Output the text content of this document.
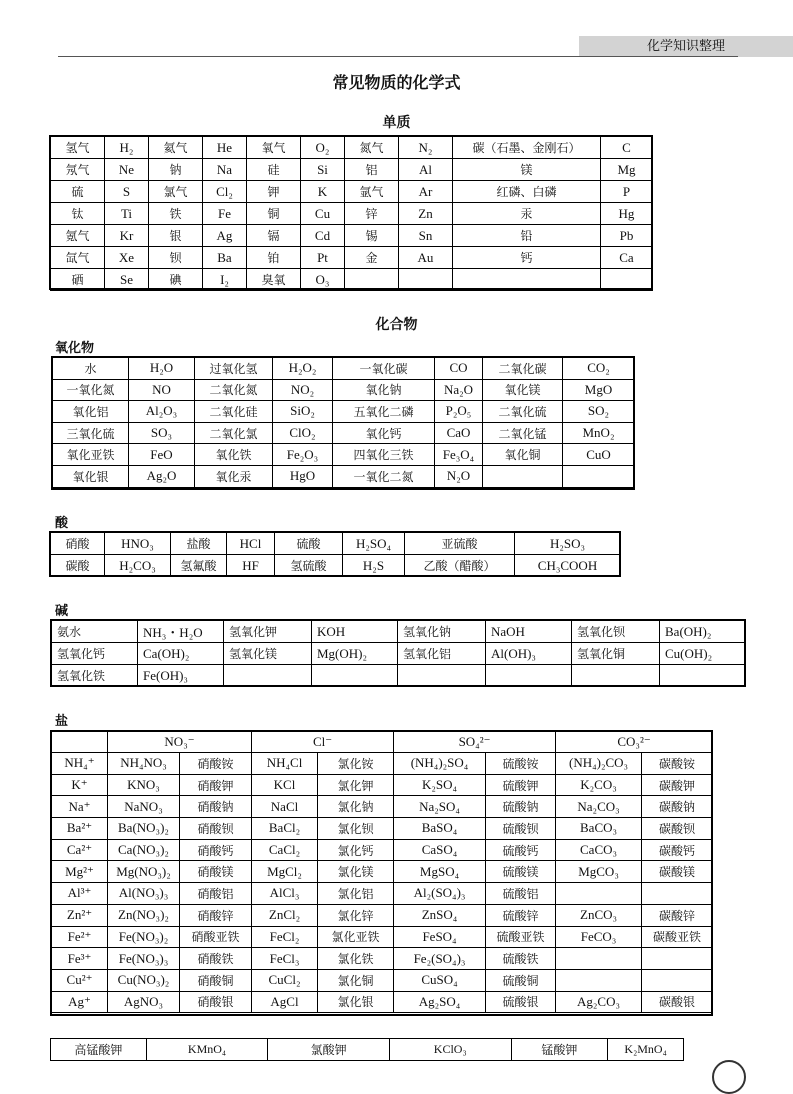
化学知识整理
常见物质的化学式
单质
氢气	H₂	氦气	He	氧气	O₂	氮气	N₂	碳（石墨、金刚石）	C
氖气	Ne	钠	Na	硅	Si	铝	Al	镁	Mg
硫	S	氯气	Cl₂	钾	K	氩气	Ar	红磷、白磷	P
钛	Ti	铁	Fe	铜	Cu	锌	Zn	汞	Hg
氪气	Kr	银	Ag	镉	Cd	锡	Sn	铅	Pb
氙气	Xe	钡	Ba	铂	Pt	金	Au	钙	Ca
硒	Se	碘	I₂	臭氧	O₃				
化合物
氧化物
水	H₂O	过氧化氢	H₂O₂	一氧化碳	CO	二氧化碳	CO₂
一氧化氮	NO	二氧化氮	NO₂	氧化钠	Na₂O	氧化镁	MgO
氧化铝	Al₂O₃	二氧化硅	SiO₂	五氧化二磷	P₂O₅	二氧化硫	SO₂
三氧化硫	SO₃	二氧化氯	ClO₂	氧化钙	CaO	二氧化锰	MnO₂
氧化亚铁	FeO	氧化铁	Fe₂O₃	四氧化三铁	Fe₃O₄	氧化铜	CuO
氧化银	Ag₂O	氧化汞	HgO	一氧化二氮	N₂O		
酸
硝酸	HNO₃	盐酸	HCl	硫酸	H₂SO₄	亚硫酸	H₂SO₃
碳酸	H₂CO₃	氢氟酸	HF	氢硫酸	H₂S	乙酸（醋酸）	CH₃COOH
碱
氨水	NH₃・H₂O	氢氧化钾	KOH	氢氧化钠	NaOH	氢氧化钡	Ba(OH)₂
氢氧化钙	Ca(OH)₂	氢氧化镁	Mg(OH)₂	氢氧化铝	Al(OH)₃	氢氧化铜	Cu(OH)₂
氢氧化铁	Fe(OH)₃						
盐
	NO₃⁻		Cl⁻		SO₄²⁻		CO₃²⁻	
NH₄⁺	NH₄NO₃	硝酸铵	NH₄Cl	氯化铵	(NH₄)₂SO₄	硫酸铵	(NH₄)₂CO₃	碳酸铵
K⁺	KNO₃	硝酸钾	KCl	氯化钾	K₂SO₄	硫酸钾	K₂CO₃	碳酸钾
Na⁺	NaNO₃	硝酸钠	NaCl	氯化钠	Na₂SO₄	硫酸钠	Na₂CO₃	碳酸钠
Ba²⁺	Ba(NO₃)₂	硝酸钡	BaCl₂	氯化钡	BaSO₄	硫酸钡	BaCO₃	碳酸钡
Ca²⁺	Ca(NO₃)₂	硝酸钙	CaCl₂	氯化钙	CaSO₄	硫酸钙	CaCO₃	碳酸钙
Mg²⁺	Mg(NO₃)₂	硝酸镁	MgCl₂	氯化镁	MgSO₄	硫酸镁	MgCO₃	碳酸镁
Al³⁺	Al(NO₃)₃	硝酸铝	AlCl₃	氯化铝	Al₂(SO₄)₃	硫酸铝		
Zn²⁺	Zn(NO₃)₂	硝酸锌	ZnCl₂	氯化锌	ZnSO₄	硫酸锌	ZnCO₃	碳酸锌
Fe²⁺	Fe(NO₃)₂	硝酸亚铁	FeCl₂	氯化亚铁	FeSO₄	硫酸亚铁	FeCO₃	碳酸亚铁
Fe³⁺	Fe(NO₃)₃	硝酸铁	FeCl₃	氯化铁	Fe₂(SO₄)₃	硫酸铁		
Cu²⁺	Cu(NO₃)₂	硝酸铜	CuCl₂	氯化铜	CuSO₄	硫酸铜		
Ag⁺	AgNO₃	硝酸银	AgCl	氯化银	Ag₂SO₄	硫酸银	Ag₂CO₃	碳酸银
高锰酸钾	KMnO₄	氯酸钾	KClO₃	锰酸钾	K₂MnO₄
